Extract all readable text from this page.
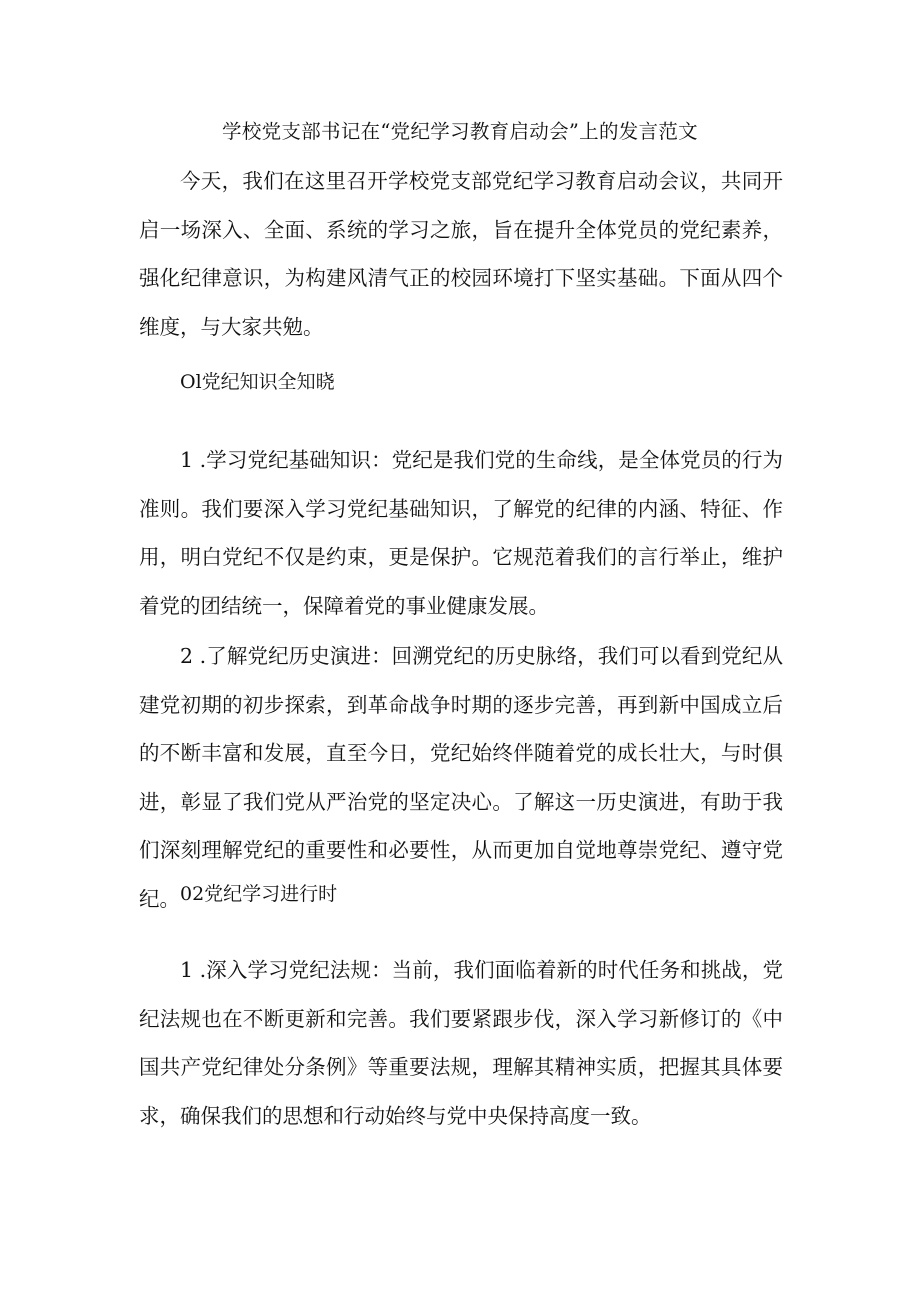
学校党支部书记在“党纪学习教育启动会”上的发言范文

今天，我们在这里召开学校党支部党纪学习教育启动会议，共同开启一场深入、全面、系统的学习之旅，旨在提升全体党员的党纪素养，强化纪律意识，为构建风清气正的校园环境打下坚实基础。下面从四个维度，与大家共勉。

Ol党纪知识全知晓

1 .学习党纪基础知识：党纪是我们党的生命线，是全体党员的行为准则。我们要深入学习党纪基础知识，了解党的纪律的内涵、特征、作用，明白党纪不仅是约束，更是保护。它规范着我们的言行举止，维护着党的团结统一，保障着党的事业健康发展。

2 .了解党纪历史演进：回溯党纪的历史脉络，我们可以看到党纪从建党初期的初步探索，到革命战争时期的逐步完善，再到新中国成立后的不断丰富和发展，直至今日，党纪始终伴随着党的成长壮大，与时俱进，彰显了我们党从严治党的坚定决心。了解这一历史演进，有助于我们深刻理解党纪的重要性和必要性，从而更加自觉地尊崇党纪、遵守党纪。 02党纪学习进行时

1 .深入学习党纪法规：当前，我们面临着新的时代任务和挑战，党纪法规也在不断更新和完善。我们要紧跟步伐，深入学习新修订的《中国共产党纪律处分条例》等重要法规，理解其精神实质，把握其具体要求，确保我们的思想和行动始终与党中央保持高度一致。
